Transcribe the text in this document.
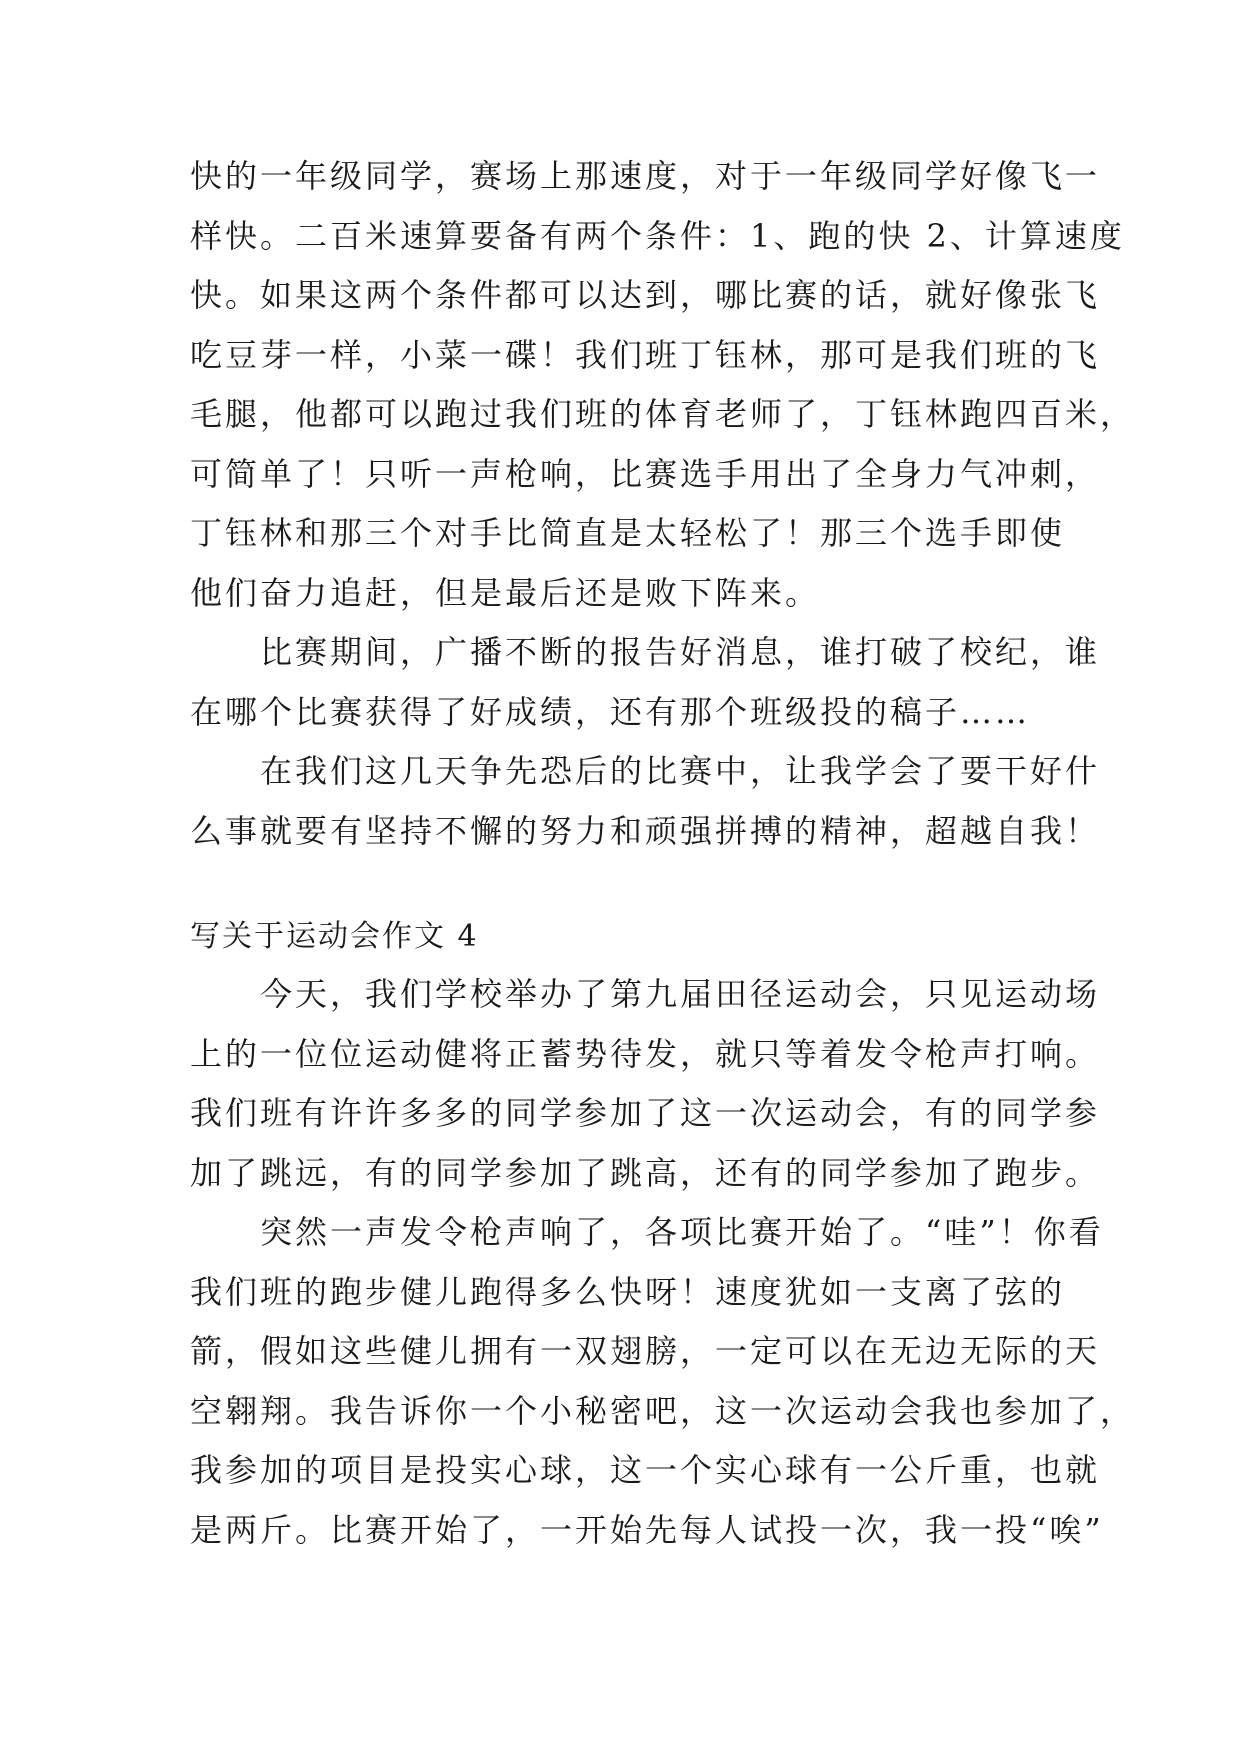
快的一年级同学，赛场上那速度，对于一年级同学好像飞一
样快。二百米速算要备有两个条件：1、跑的快 2、计算速度
快。如果这两个条件都可以达到，哪比赛的话，就好像张飞
吃豆芽一样，小菜一碟！我们班丁钰林，那可是我们班的飞
毛腿，他都可以跑过我们班的体育老师了，丁钰林跑四百米，
可简单了！只听一声枪响，比赛选手用出了全身力气冲刺，
丁钰林和那三个对手比简直是太轻松了！那三个选手即使
他们奋力追赶，但是最后还是败下阵来。
比赛期间，广播不断的报告好消息，谁打破了校纪，谁
在哪个比赛获得了好成绩，还有那个班级投的稿子……
在我们这几天争先恐后的比赛中，让我学会了要干好什
么事就要有坚持不懈的努力和顽强拼搏的精神，超越自我！
写关于运动会作文 4
今天，我们学校举办了第九届田径运动会，只见运动场
上的一位位运动健将正蓄势待发，就只等着发令枪声打响。
我们班有许许多多的同学参加了这一次运动会，有的同学参
加了跳远，有的同学参加了跳高，还有的同学参加了跑步。
突然一声发令枪声响了，各项比赛开始了。“哇”！你看
我们班的跑步健儿跑得多么快呀！速度犹如一支离了弦的
箭，假如这些健儿拥有一双翅膀，一定可以在无边无际的天
空翱翔。我告诉你一个小秘密吧，这一次运动会我也参加了，
我参加的项目是投实心球，这一个实心球有一公斤重，也就
是两斤。比赛开始了，一开始先每人试投一次，我一投“唉”
